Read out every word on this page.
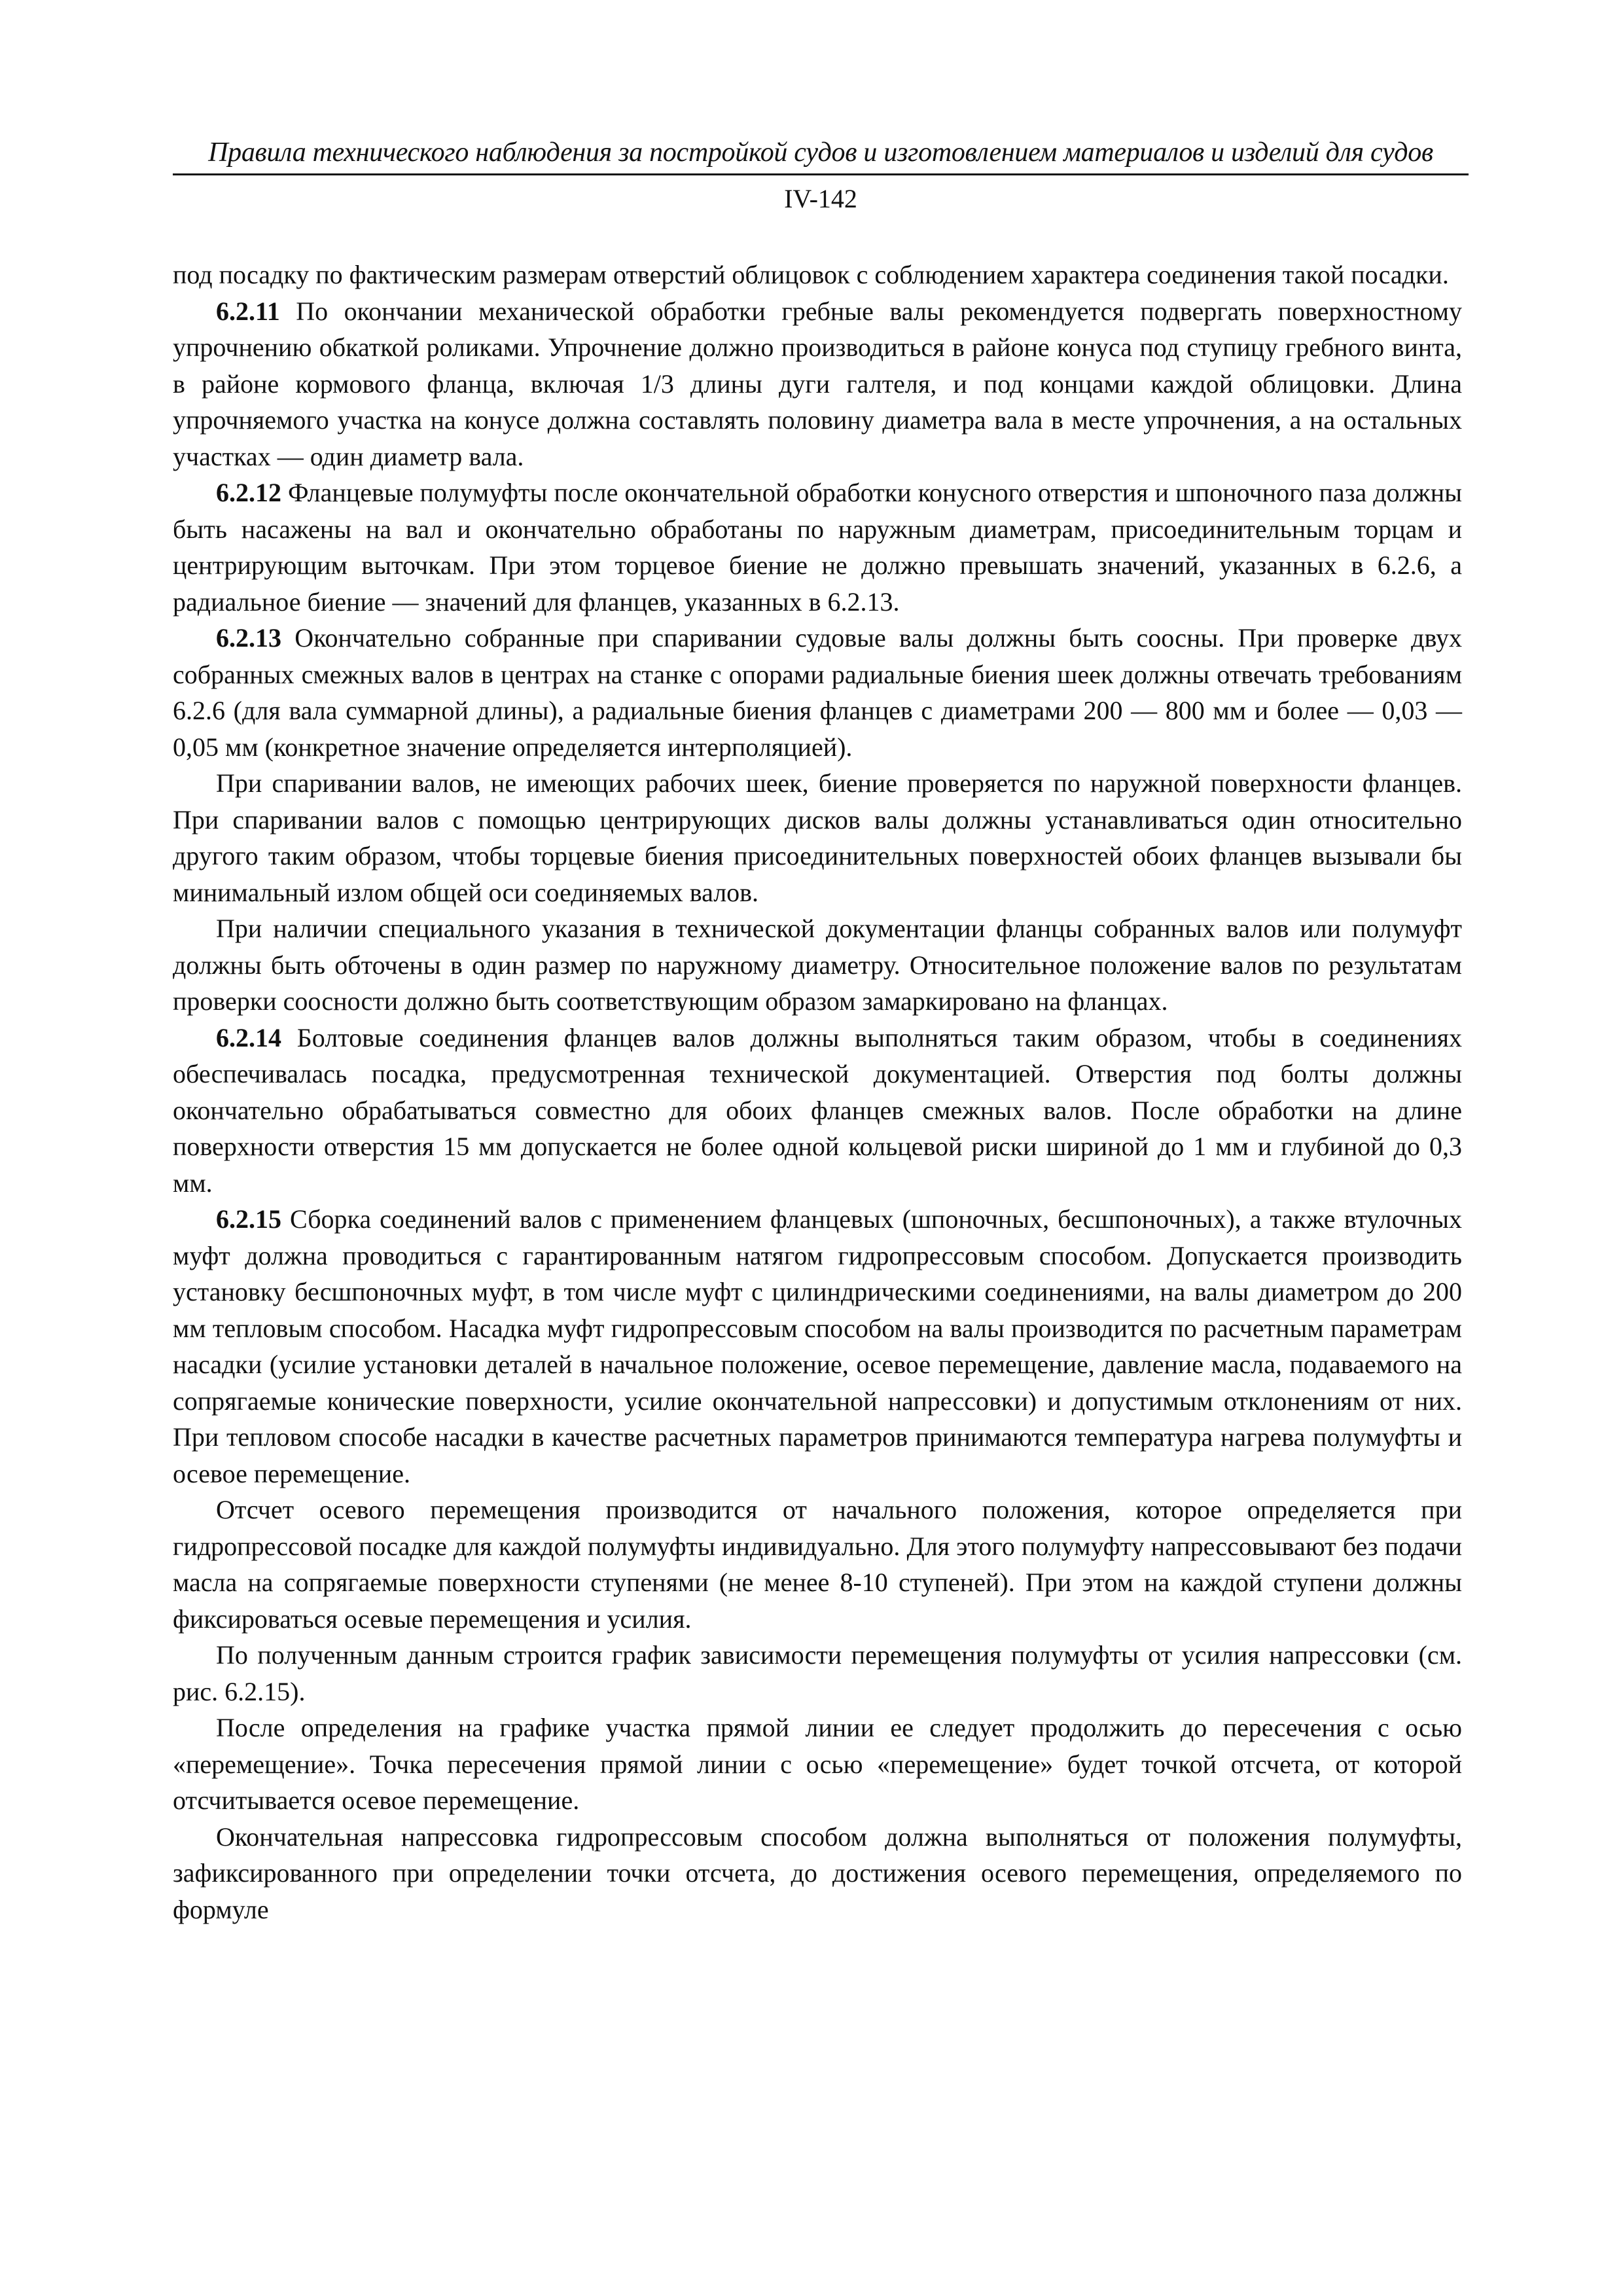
Правила технического наблюдения за постройкой судов и изготовлением материалов и изделий для судов
IV-142

под посадку по фактическим размерам отверстий облицовок с соблюдением характера соединения такой посадки.

6.2.11 По окончании механической обработки гребные валы рекомендуется подвергать поверхностному упрочнению обкаткой роликами. Упрочнение должно производиться в районе конуса под ступицу гребного винта, в районе кормового фланца, включая 1/3 длины дуги галтеля, и под концами каждой облицовки. Длина упрочняемого участка на конусе должна составлять половину диаметра вала в месте упрочнения, а на остальных участках — один диаметр вала.

6.2.12 Фланцевые полумуфты после окончательной обработки конусного отверстия и шпоночного паза должны быть насажены на вал и окончательно обработаны по наружным диаметрам, присоединительным торцам и центрирующим выточкам. При этом торцевое биение не должно превышать значений, указанных в 6.2.6, а радиальное биение — значений для фланцев, указанных в 6.2.13.

6.2.13 Окончательно собранные при спаривании судовые валы должны быть соосны. При проверке двух собранных смежных валов в центрах на станке с опорами радиальные биения шеек должны отвечать требованиям 6.2.6 (для вала суммарной длины), а радиальные биения фланцев с диаметрами 200 — 800 мм и более — 0,03 — 0,05 мм (конкретное значение определяется интерполяцией).

При спаривании валов, не имеющих рабочих шеек, биение проверяется по наружной поверхности фланцев. При спаривании валов с помощью центрирующих дисков валы должны устанавливаться один относительно другого таким образом, чтобы торцевые биения присоединительных поверхностей обоих фланцев вызывали бы минимальный излом общей оси соединяемых валов.

При наличии специального указания в технической документации фланцы собранных валов или полумуфт должны быть обточены в один размер по наружному диаметру. Относительное положение валов по результатам проверки соосности должно быть соответствующим образом замаркировано на фланцах.

6.2.14 Болтовые соединения фланцев валов должны выполняться таким образом, чтобы в соединениях обеспечивалась посадка, предусмотренная технической документацией. Отверстия под болты должны окончательно обрабатываться совместно для обоих фланцев смежных валов. После обработки на длине поверхности отверстия 15 мм допускается не более одной кольцевой риски шириной до 1 мм и глубиной до 0,3 мм.

6.2.15 Сборка соединений валов с применением фланцевых (шпоночных, бесшпоночных), а также втулочных муфт должна проводиться с гарантированным натягом гидропрессовым способом. Допускается производить установку бесшпоночных муфт, в том числе муфт с цилиндрическими соединениями, на валы диаметром до 200 мм тепловым способом. Насадка муфт гидропрессовым способом на валы производится по расчетным параметрам насадки (усилие установки деталей в начальное положение, осевое перемещение, давление масла, подаваемого на сопрягаемые конические поверхности, усилие окончательной напрессовки) и допустимым отклонениям от них. При тепловом способе насадки в качестве расчетных параметров принимаются температура нагрева полумуфты и осевое перемещение.

Отсчет осевого перемещения производится от начального положения, которое определяется при гидропрессовой посадке для каждой полумуфты индивидуально. Для этого полумуфту напрессовывают без подачи масла на сопрягаемые поверхности ступенями (не менее 8-10 ступеней). При этом на каждой ступени должны фиксироваться осевые перемещения и усилия.

По полученным данным строится график зависимости перемещения полумуфты от усилия напрессовки (см. рис. 6.2.15).

После определения на графике участка прямой линии ее следует продолжить до пересечения с осью «перемещение». Точка пересечения прямой линии с осью «перемещение» будет точкой отсчета, от которой отсчитывается осевое перемещение.

Окончательная напрессовка гидропрессовым способом должна выполняться от положения полумуфты, зафиксированного при определении точки отсчета, до достижения осевого перемещения, определяемого по формуле
